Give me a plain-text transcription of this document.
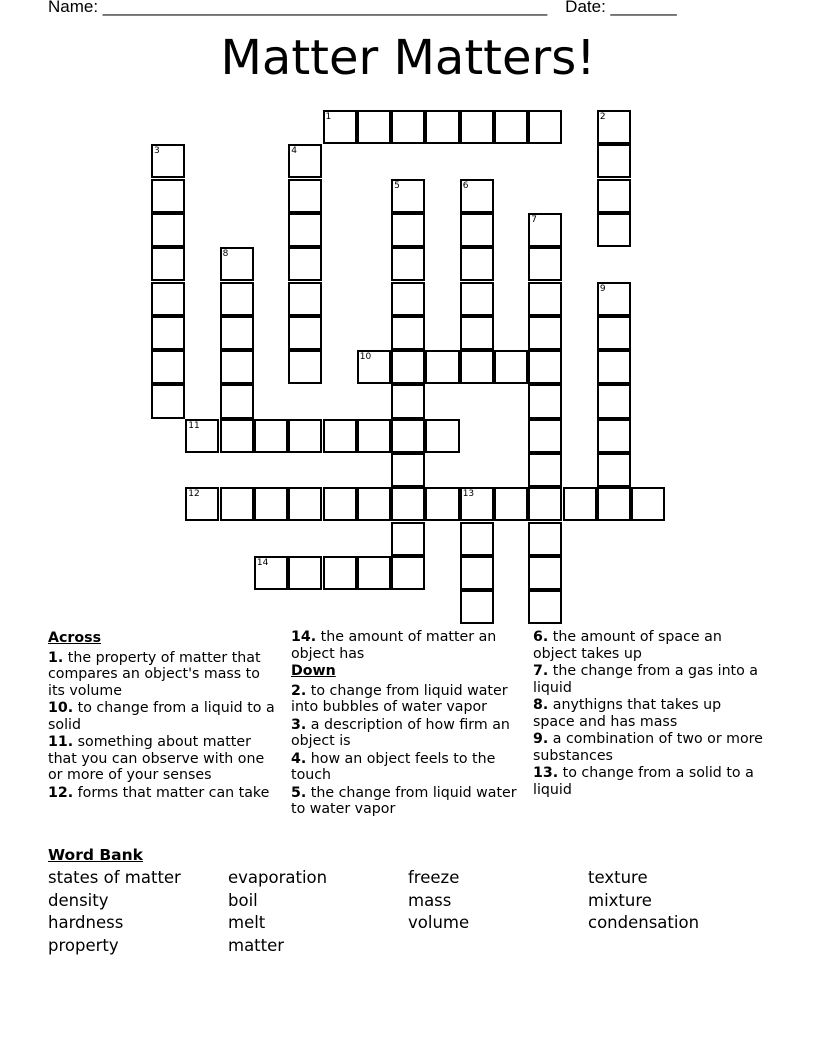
Name: _______________________________________________ Date: _______
Matter Matters!
1	2
3	4
5	6
7
8
9
10
11
12	13
14
Across
1. the property of matter that compares an object's mass to its volume
10. to change from a liquid to a solid
11. something about matter that you can observe with one or more of your senses
12. forms that matter can take
14. the amount of matter an object has
Down
2. to change from liquid water into bubbles of water vapor
3. a description of how firm an object is
4. how an object feels to the touch
5. the change from liquid water to water vapor
6. the amount of space an object takes up
7. the change from a gas into a liquid
8. anythigns that takes up space and has mass
9. a combination of two or more substances
13. to change from a solid to a liquid
Word Bank
states of matter	evaporation	freeze	texture
density	boil	mass	mixture
hardness	melt	volume	condensation
property	matter
